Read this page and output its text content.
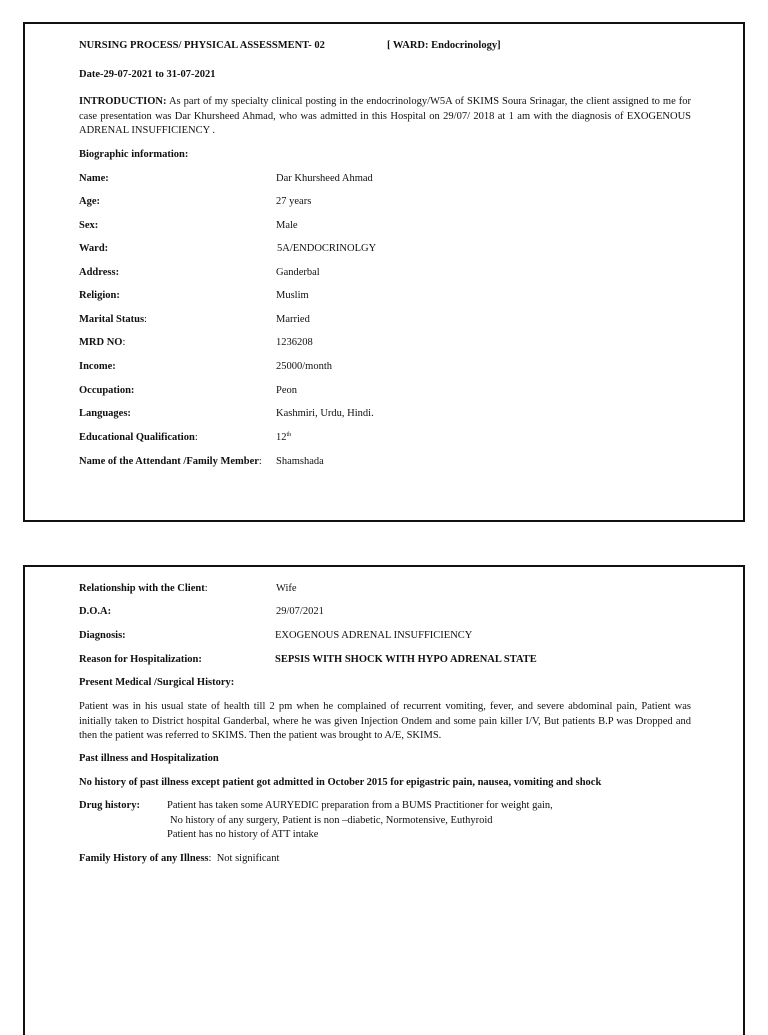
NURSING PROCESS/ PHYSICAL ASSESSMENT- 02	[ WARD: Endocrinology]
Date-29-07-2021 to 31-07-2021
INTRODUCTION: As part of my specialty clinical posting in the endocrinology/W5A of SKIMS Soura Srinagar, the client assigned to me for case presentation was Dar Khursheed Ahmad, who was admitted in this Hospital on 29/07/ 2018 at 1 am with the diagnosis of EXOGENOUS ADRENAL INSUFFICIENCY .
Biographic information:
Name:	Dar Khursheed Ahmad
Age:	27 years
Sex:	Male
Ward:	5A/ENDOCRINOLGY
Address:	Ganderbal
Religion:	Muslim
Marital Status:	Married
MRD NO:	1236208
Income:	25000/month
Occupation:	Peon
Languages:	Kashmiri, Urdu, Hindi.
Educational Qualification:	12th
Name of the Attendant /Family Member: Shamshada
Relationship with the Client:	Wife
D.O.A:	29/07/2021
Diagnosis:	EXOGENOUS ADRENAL INSUFFICIENCY
Reason for Hospitalization:	SEPSIS WITH SHOCK WITH HYPO ADRENAL STATE
Present Medical /Surgical History:
Patient was in his usual state of health till 2 pm when he complained of recurrent vomiting, fever, and severe abdominal pain, Patient was initially taken to District hospital Ganderbal, where he was given Injection Ondem and some pain killer I/V, But patients B.P was Dropped and then the patient was referred to SKIMS. Then the patient was brought to A/E, SKIMS.
Past illness and Hospitalization
No history of past illness except patient got admitted in October 2015 for epigastric pain, nausea, vomiting and shock
Drug history:	Patient has taken some AURYEDIC preparation from a BUMS Practitioner for weight gain,
No history of any surgery, Patient is non –diabetic, Normotensive, Euthyroid
Patient has no history of ATT intake
Family History of any Illness: Not significant
